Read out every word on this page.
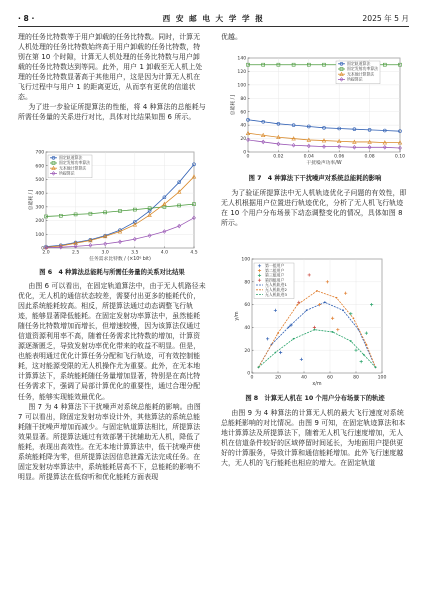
· 8 ·	西 安 邮 电 大 学 学 报	2025 年 5 月

理的任务比特数等于用户卸载的任务比特数。同时，计算无人机处理的任务比特数始终高于用户卸载的任务比特数，特别在第 10 个时隙，计算无人机处理的任务比特数与用户卸载的任务比特数达到等同。此外，用户 1 卸载至无人机上处理的任务比特数显著高于其他用户，这是因为计算无人机在飞行过程中与用户 1 的距离更近，从而享有更优的信道状态。

为了进一步验证所提算法的性能，将 4 种算法的总能耗与所需任务量的关系进行对比，具体对比结果如图 6 所示。

2.0	2.5	3.0	3.5	4.0	4.5
0
100
200
300
400
500
600
700
任务需求比特数 / (×10⁶ bit)
总能耗 / J
固定轨道算法
固定发射功率算法
无本地计算算法
所提算法
图 6　4 种算法总能耗与所需任务量的关系对比结果

由图 6 可以看出，在固定轨道算法中，由于无人机路径未优化，无人机的通信状态较差，需要付出更多的能耗代价，因此系统能耗较高。相反，所提算法通过动态调整飞行轨迹，能够显著降低能耗。在固定发射功率算法中，虽然能耗随任务比特数增加而增长，但增速较慢，因为该算法仅通过信道资源利用率不高，随着任务需求比特数的增加，计算资源逐渐匮乏，导致发射功率优化带来的收益不明显。但是，也能表明通过优化计算任务分配和飞行轨迹，可有效控制能耗，这对能源受限的无人机操作尤为重要。此外，在无本地计算算法下，系统能耗随任务量增加显著，特别是在高比特任务需求下，强调了局部计算优化的重要性，通过合理分配任务，能够实现能效最优化。

图 7 为 4 种算法下干扰噪声对系统总能耗的影响。由图 7 可以看出，除固定发射功率设计外，其他算法的系统总能耗随干扰噪声增加而减少。与固定轨道算法相比，所提算法效果显著。所提算法通过有效部署干扰辅助无人机，降低了能耗，表现出高效性。在无本地计算算法中，低干扰噪声使系统能耗降为零，但所提算法因信息泄露无法完成任务。在固定发射功率算法中，系统能耗居高不下，总能耗的影响不明显。所提算法在低窃听和优化能耗方面表现

优越。

0	0.02	0.04	0.06	0.08	0.10
0
20
40
60
80
100
120
140
干扰噪声功率/W
总能耗 / J
固定轨道算法
固定发射功率算法
无本地计算算法
所提算法
图 7　4 种算法下干扰噪声对系统总能耗的影响

为了验证所提算法中无人机轨迹优化子问题的有效性，即无人机根据用户位置进行轨迹优化，分析了无人机飞行轨迹在 10 个用户分布场景下动态调整变化的情况，具体如图 8 所示。

0	20	40	60	80	100
0
20
40
60
80
100
x/m
y/m
第一组用户
第二组用户
第三组用户
第四组用户
无人机轨迹1
无人机轨迹2
无人机轨迹3
图 8　计算无人机在 10 个用户分布场景下的轨迹

由图 9 为 4 种算法的计算无人机的最大飞行速度对系统总能耗影响的对比情况。由图 9 可知，在固定轨迹算法和本地计算算法及所提算法下，随着无人机飞行速度增加，无人机在信道条件较好的区域停留时间延长，为地面用户提供更好的计算服务，导致计算和通信能耗增加。此外飞行速度越大，无人机的飞行能耗也相应的增大。在固定轨道
